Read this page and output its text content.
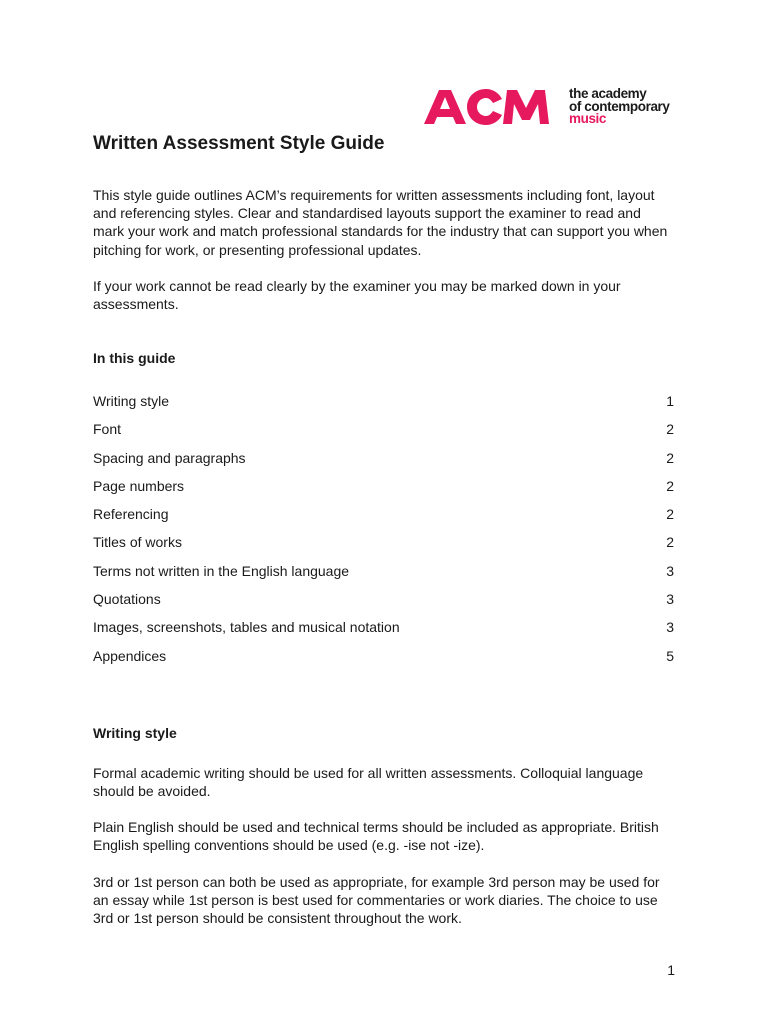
the academy
of contemporary
music
Written Assessment Style Guide

This style guide outlines ACM’s requirements for written assessments including font, layout
and referencing styles. Clear and standardised layouts support the examiner to read and
mark your work and match professional standards for the industry that can support you when
pitching for work, or presenting professional updates.

If your work cannot be read clearly by the examiner you may be marked down in your
assessments.

In this guide
Writing style	1
Font	2
Spacing and paragraphs	2
Page numbers	2
Referencing	2
Titles of works	2
Terms not written in the English language	3
Quotations	3
Images, screenshots, tables and musical notation	3
Appendices	5
Writing style

Formal academic writing should be used for all written assessments. Colloquial language
should be avoided.

Plain English should be used and technical terms should be included as appropriate. British
English spelling conventions should be used (e.g. -ise not -ize).

3rd or 1st person can both be used as appropriate, for example 3rd person may be used for
an essay while 1st person is best used for commentaries or work diaries. The choice to use
3rd or 1st person should be consistent throughout the work.

1
